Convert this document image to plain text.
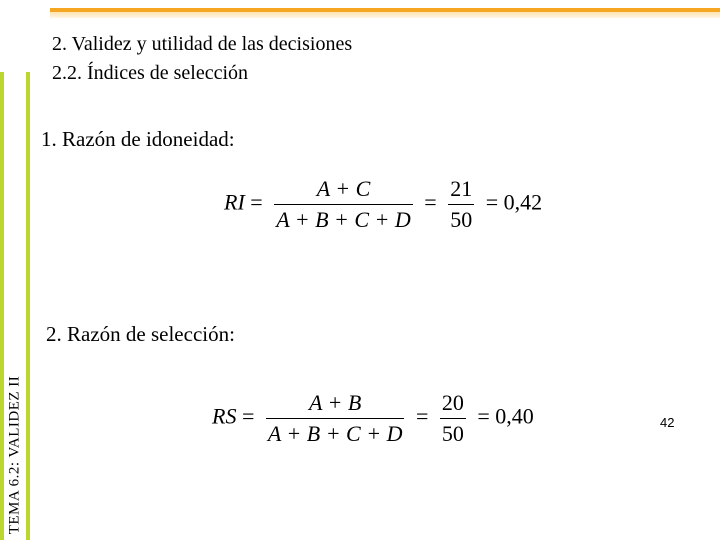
TEMA 6.2: VALIDEZ II
2. Validez y utilidad de las decisiones
2.2. Índices de selección
1. Razón de idoneidad:
RI = $\frac{A + C}{A + B + C + D} = \frac{21}{50} = 0,42$
2. Razón de selección:
RS = $\frac{A + B}{A + B + C + D} = \frac{20}{50} = 0,40$	42
